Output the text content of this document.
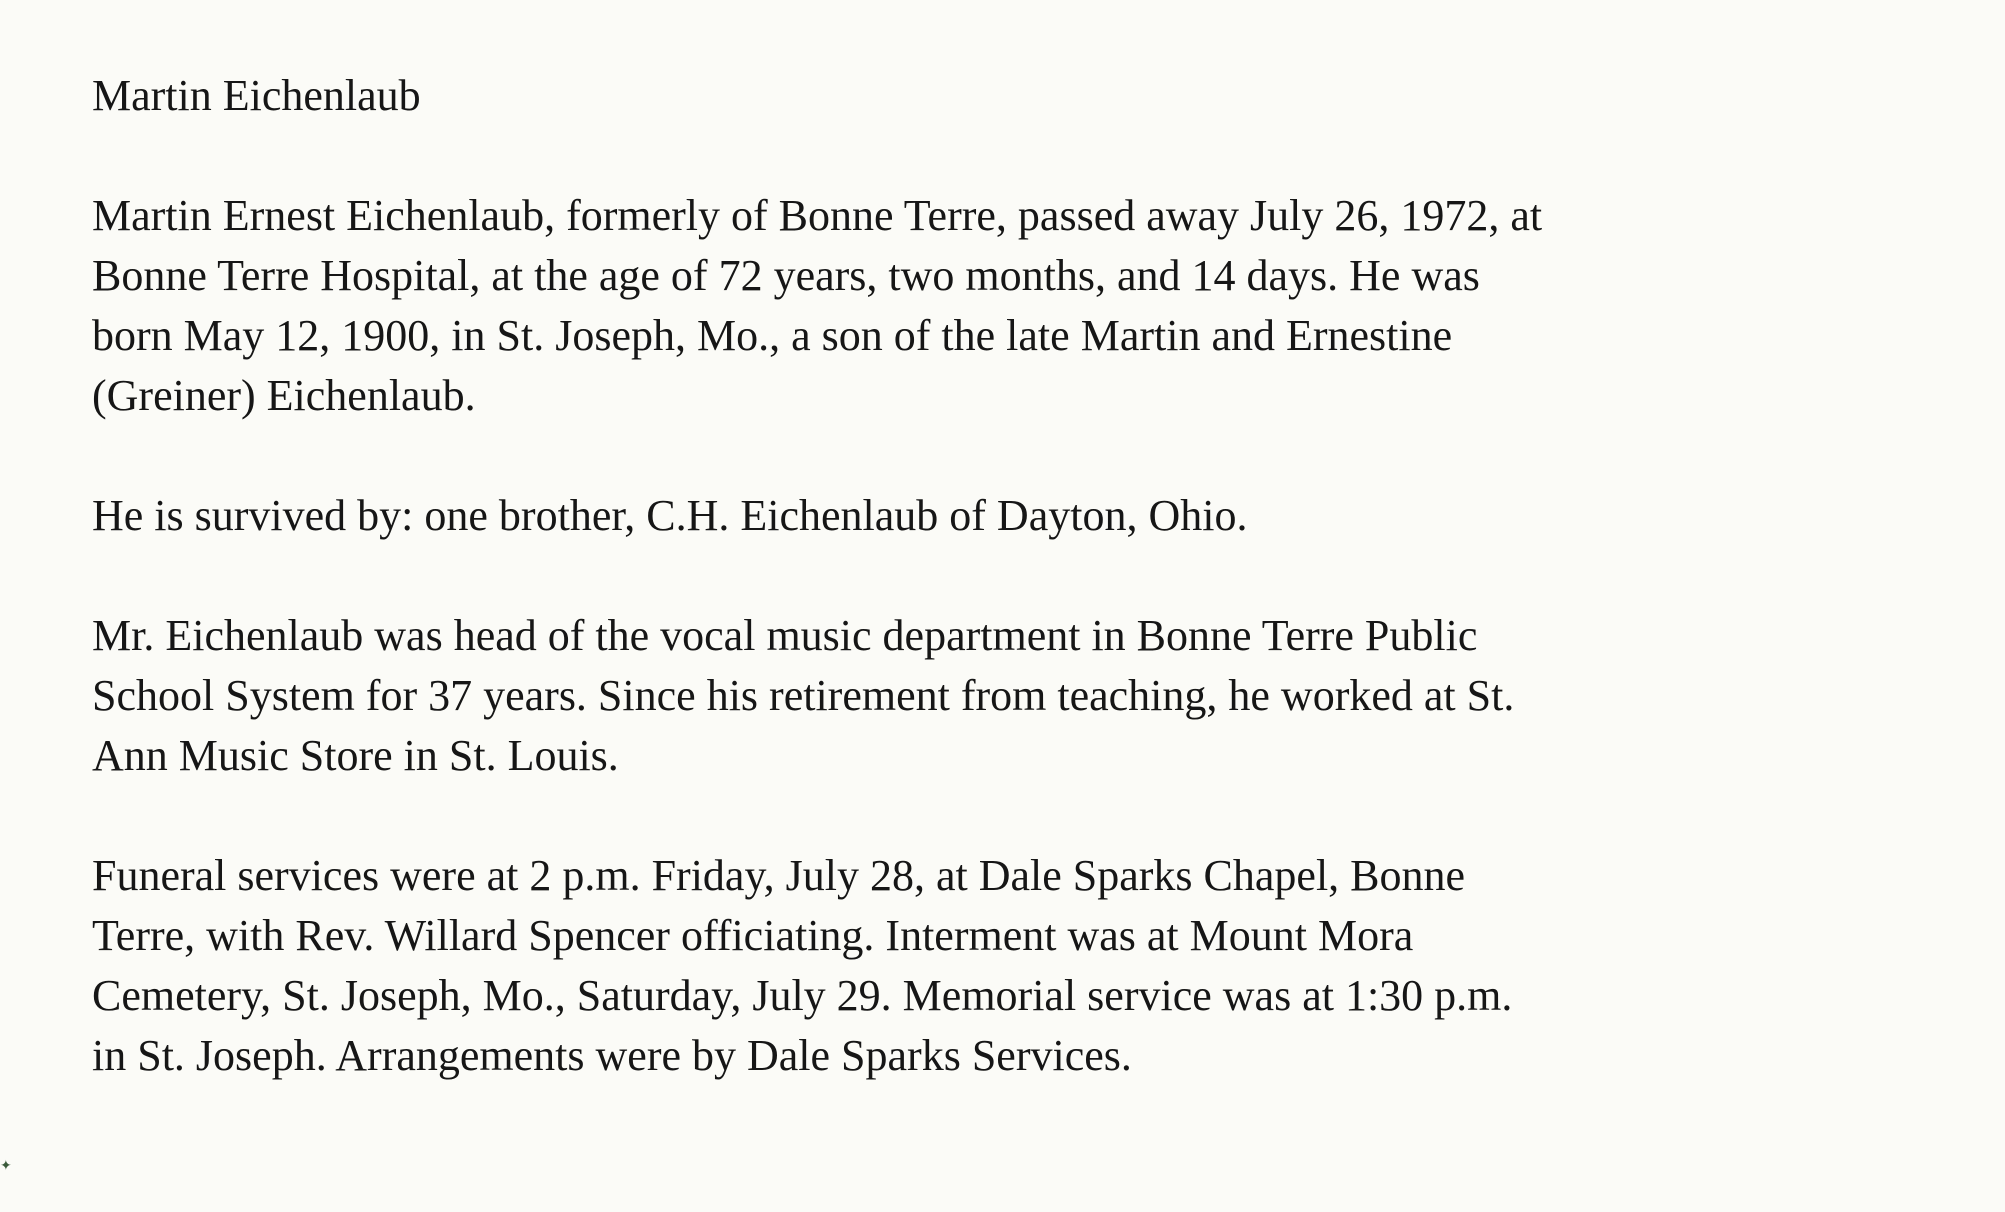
Martin Eichenlaub
Martin Ernest Eichenlaub, formerly of Bonne Terre, passed away July 26, 1972, at
Bonne Terre Hospital, at the age of 72 years, two months, and 14 days. He was
born May 12, 1900, in St. Joseph, Mo., a son of the late Martin and Ernestine
(Greiner) Eichenlaub.
He is survived by: one brother, C.H. Eichenlaub of Dayton, Ohio.
Mr. Eichenlaub was head of the vocal music department in Bonne Terre Public
School System for 37 years. Since his retirement from teaching, he worked at St.
Ann Music Store in St. Louis.
Funeral services were at 2 p.m. Friday, July 28, at Dale Sparks Chapel, Bonne
Terre, with Rev. Willard Spencer officiating. Interment was at Mount Mora
Cemetery, St. Joseph, Mo., Saturday, July 29. Memorial service was at 1:30 p.m.
in St. Joseph. Arrangements were by Dale Sparks Services.
✦
